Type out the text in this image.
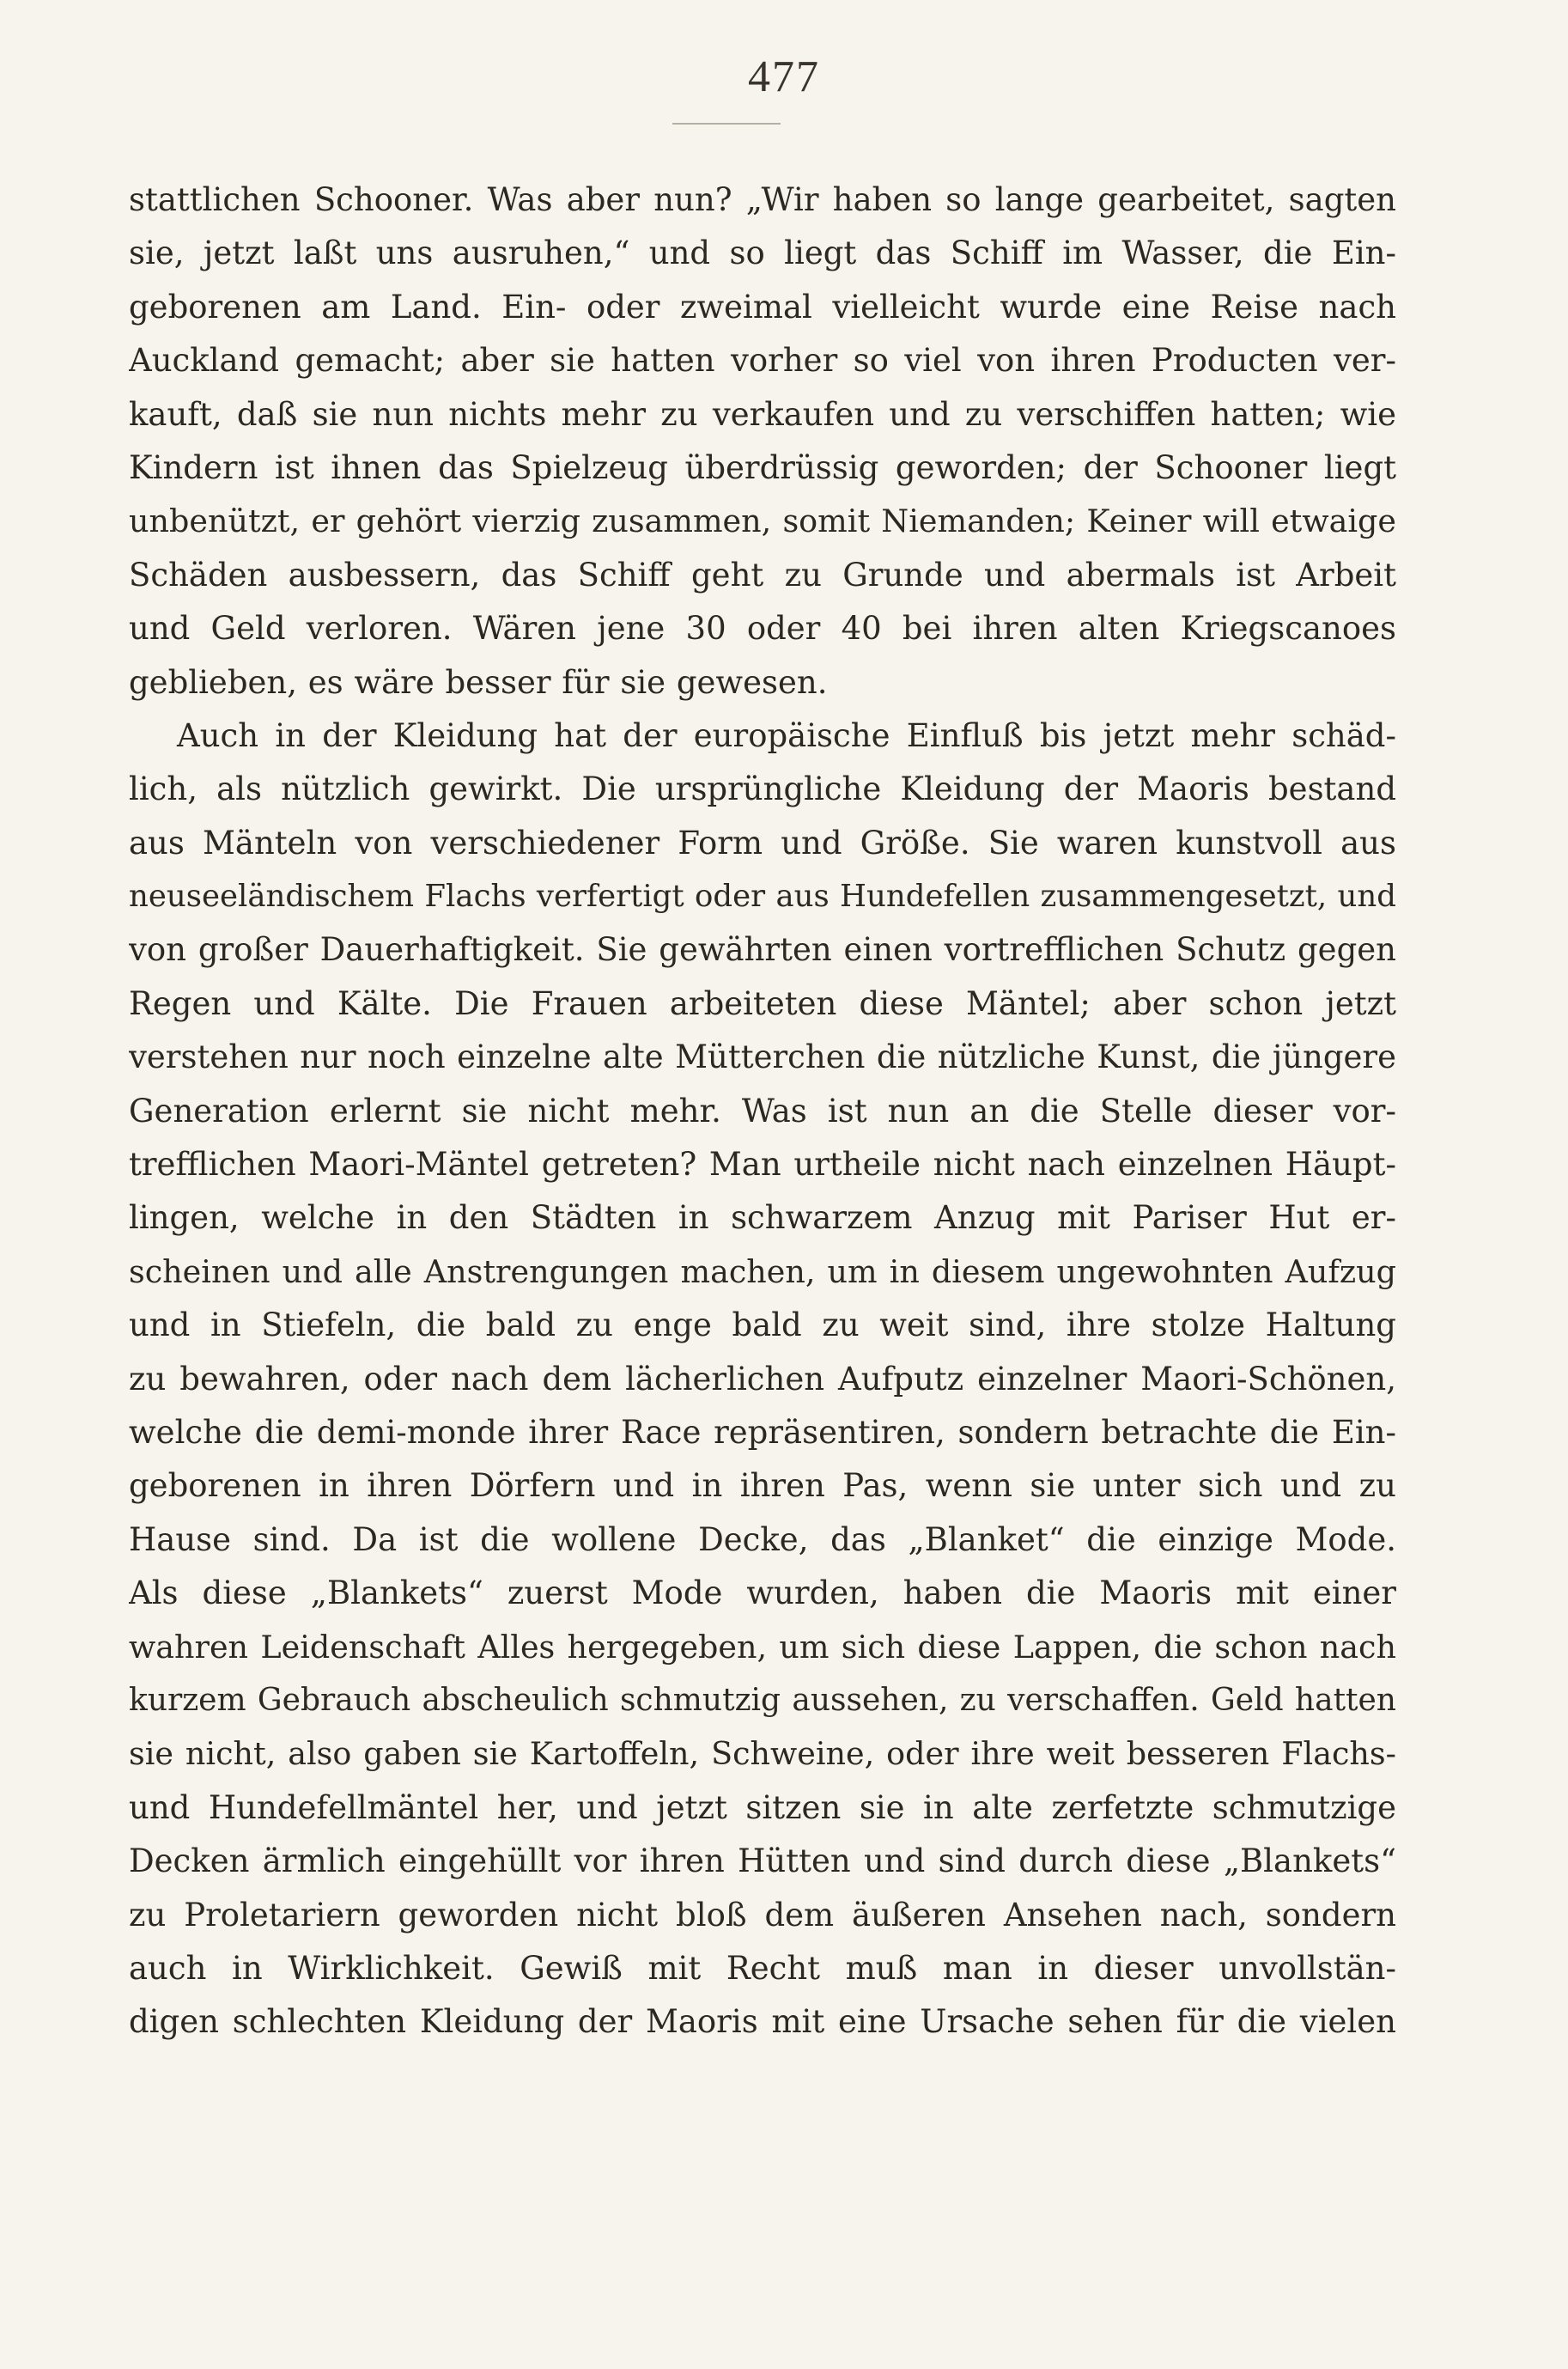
477
stattlichen Schooner. Was aber nun? „Wir haben so lange gearbeitet, sagten
sie, jetzt laßt uns ausruhen,“ und so liegt das Schiff im Wasser, die Ein-
geborenen am Land. Ein- oder zweimal vielleicht wurde eine Reise nach
Auckland gemacht; aber sie hatten vorher so viel von ihren Producten ver-
kauft, daß sie nun nichts mehr zu verkaufen und zu verschiffen hatten; wie
Kindern ist ihnen das Spielzeug überdrüssig geworden; der Schooner liegt
unbenützt, er gehört vierzig zusammen, somit Niemanden; Keiner will etwaige
Schäden ausbessern, das Schiff geht zu Grunde und abermals ist Arbeit
und Geld verloren. Wären jene 30 oder 40 bei ihren alten Kriegscanoes
geblieben, es wäre besser für sie gewesen.
Auch in der Kleidung hat der europäische Einfluß bis jetzt mehr schäd-
lich, als nützlich gewirkt. Die ursprüngliche Kleidung der Maoris bestand
aus Mänteln von verschiedener Form und Größe. Sie waren kunstvoll aus
neuseeländischem Flachs verfertigt oder aus Hundefellen zusammengesetzt, und
von großer Dauerhaftigkeit. Sie gewährten einen vortrefflichen Schutz gegen
Regen und Kälte. Die Frauen arbeiteten diese Mäntel; aber schon jetzt
verstehen nur noch einzelne alte Mütterchen die nützliche Kunst, die jüngere
Generation erlernt sie nicht mehr. Was ist nun an die Stelle dieser vor-
trefflichen Maori-Mäntel getreten? Man urtheile nicht nach einzelnen Häupt-
lingen, welche in den Städten in schwarzem Anzug mit Pariser Hut er-
scheinen und alle Anstrengungen machen, um in diesem ungewohnten Aufzug
und in Stiefeln, die bald zu enge bald zu weit sind, ihre stolze Haltung
zu bewahren, oder nach dem lächerlichen Aufputz einzelner Maori-Schönen,
welche die demi-monde ihrer Race repräsentiren, sondern betrachte die Ein-
geborenen in ihren Dörfern und in ihren Pas, wenn sie unter sich und zu
Hause sind. Da ist die wollene Decke, das „Blanket“ die einzige Mode.
Als diese „Blankets“ zuerst Mode wurden, haben die Maoris mit einer
wahren Leidenschaft Alles hergegeben, um sich diese Lappen, die schon nach
kurzem Gebrauch abscheulich schmutzig aussehen, zu verschaffen. Geld hatten
sie nicht, also gaben sie Kartoffeln, Schweine, oder ihre weit besseren Flachs-
und Hundefellmäntel her, und jetzt sitzen sie in alte zerfetzte schmutzige
Decken ärmlich eingehüllt vor ihren Hütten und sind durch diese „Blankets“
zu Proletariern geworden nicht bloß dem äußeren Ansehen nach, sondern
auch in Wirklichkeit. Gewiß mit Recht muß man in dieser unvollstän-
digen schlechten Kleidung der Maoris mit eine Ursache sehen für die vielen
